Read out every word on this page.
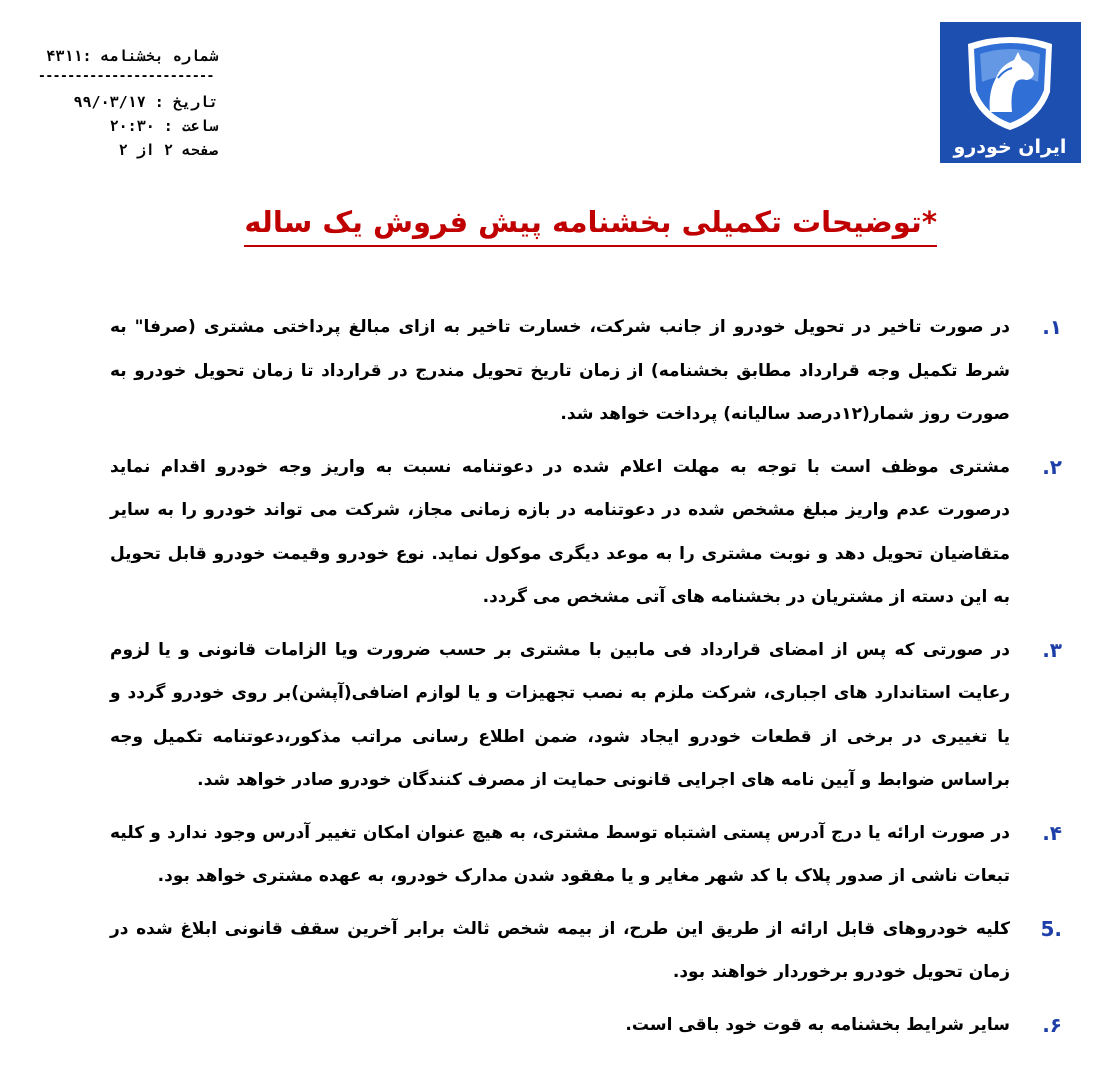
شماره بخشنامه :۴۳۱۱
------------------------
تاریخ : ۹۹/۰۳/۱۷
ساعت : ۲۰:۳۰
صفحه ۲ از ۲	ایران خودرو
*توضیحات تکمیلی بخشنامه پیش فروش یک ساله
.۱
در صورت تاخیر در تحویل خودرو از جانب شرکت، خسارت تاخیر به ازای مبالغ پرداختی مشتری (صرفا" به شرط تکمیل وجه قرارداد مطابق بخشنامه) از زمان تاریخ تحویل مندرج در قرارداد تا زمان تحویل خودرو به صورت روز شمار(۱۲درصد سالیانه) پرداخت خواهد شد.
.۲
مشتری موظف است با توجه به مهلت اعلام شده در دعوتنامه نسبت به واریز وجه خودرو اقدام نماید درصورت عدم واریز مبلغ مشخص شده در دعوتنامه در بازه زمانی مجاز، شرکت می تواند خودرو را به سایر متقاضیان تحویل دهد و نوبت مشتری را به موعد دیگری موکول نماید. نوع خودرو وقیمت خودرو قابل تحویل به این دسته از مشتریان در بخشنامه های آتی مشخص می گردد.
.۳
در صورتی که پس از امضای قرارداد فی مابین با مشتری بر حسب ضرورت ویا الزامات قانونی و یا لزوم رعایت استاندارد های اجباری، شرکت ملزم به نصب تجهیزات و یا لوازم اضافی(آپشن)بر روی خودرو گردد و یا تغییری در برخی از قطعات خودرو ایجاد شود، ضمن اطلاع رسانی مراتب مذکور،دعوتنامه تکمیل وجه براساس ضوابط و آیین نامه های اجرایی قانونی حمایت از مصرف کنندگان خودرو صادر خواهد شد.
.۴
در صورت ارائه یا درج آدرس پستی اشتباه توسط مشتری، به هیچ عنوان امکان تغییر آدرس وجود ندارد و کلیه تبعات ناشی از صدور پلاک با کد شهر مغایر و یا مفقود شدن مدارک خودرو، به عهده مشتری خواهد بود.
5.
کلیه خودروهای قابل ارائه از طریق این طرح، از بیمه شخص ثالث برابر آخرین سقف قانونی ابلاغ شده در زمان تحویل خودرو برخوردار خواهند بود.
.۶
سایر شرایط بخشنامه به قوت خود باقی است.
